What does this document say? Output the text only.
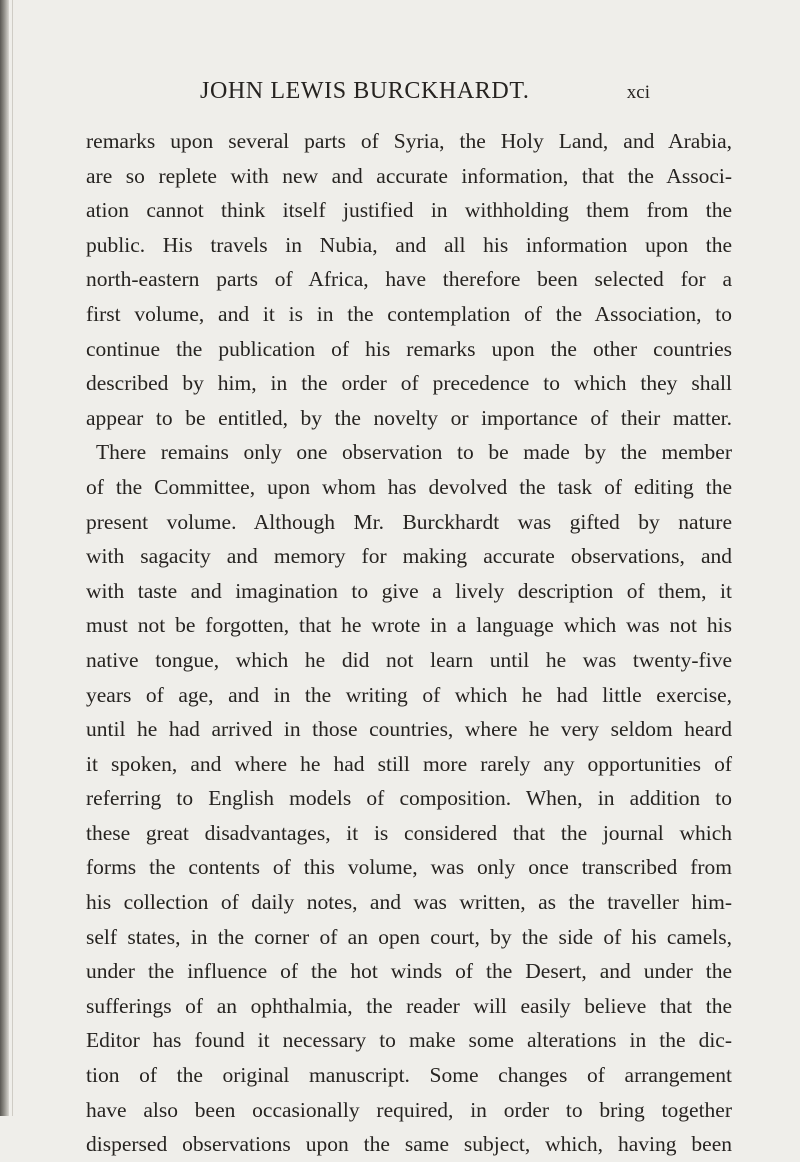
JOHN LEWIS BURCKHARDT.	xci
remarks upon several parts of Syria, the Holy Land, and Arabia,
are so replete with new and accurate information, that the Associ-
ation cannot think itself justified in withholding them from the
public. His travels in Nubia, and all his information upon the
north-eastern parts of Africa, have therefore been selected for a
first volume, and it is in the contemplation of the Association, to
continue the publication of his remarks upon the other countries
described by him, in the order of precedence to which they shall
appear to be entitled, by the novelty or importance of their matter.
There remains only one observation to be made by the member
of the Committee, upon whom has devolved the task of editing the
present volume. Although Mr. Burckhardt was gifted by nature
with sagacity and memory for making accurate observations, and
with taste and imagination to give a lively description of them, it
must not be forgotten, that he wrote in a language which was not his
native tongue, which he did not learn until he was twenty-five
years of age, and in the writing of which he had little exercise,
until he had arrived in those countries, where he very seldom heard
it spoken, and where he had still more rarely any opportunities of
referring to English models of composition. When, in addition to
these great disadvantages, it is considered that the journal which
forms the contents of this volume, was only once transcribed from
his collection of daily notes, and was written, as the traveller him-
self states, in the corner of an open court, by the side of his camels,
under the influence of the hot winds of the Desert, and under the
sufferings of an ophthalmia, the reader will easily believe that the
Editor has found it necessary to make some alterations in the dic-
tion of the original manuscript. Some changes of arrangement
have also been occasionally required, in order to bring together
dispersed observations upon the same subject, which, having been
